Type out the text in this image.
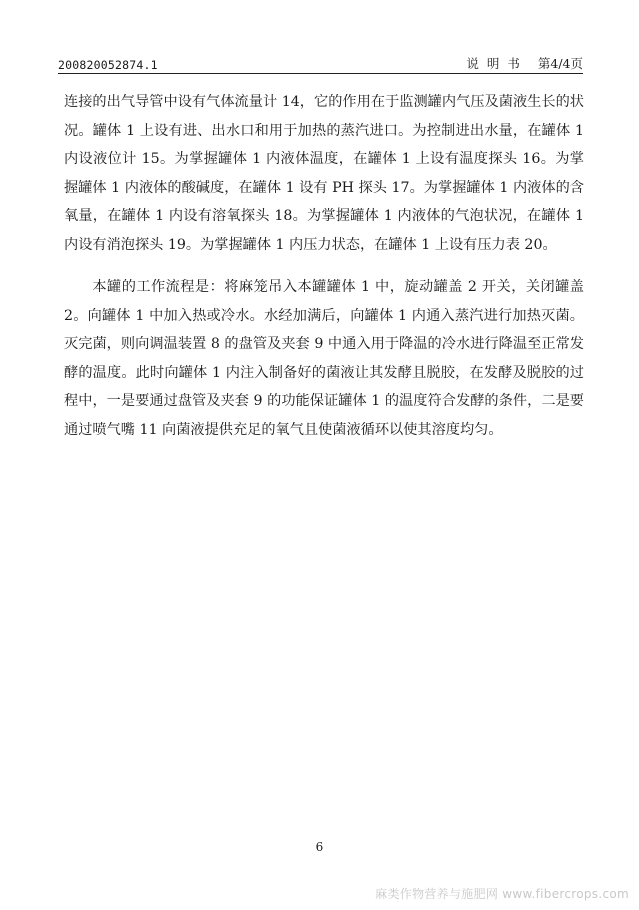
200820052874.1	说明书 第4/4页

连接的出气导管中设有气体流量计 14，它的作用在于监测罐内气压及菌液生长的状况。罐体 1 上设有进、出水口和用于加热的蒸汽进口。为控制进出水量，在罐体 1 内设液位计 15。为掌握罐体 1 内液体温度，在罐体 1 上设有温度探头 16。为掌握罐体 1 内液体的酸碱度，在罐体 1 设有 PH 探头 17。为掌握罐体 1 内液体的含氧量，在罐体 1 内设有溶氧探头 18。为掌握罐体 1 内液体的气泡状况，在罐体 1 内设有消泡探头 19。为掌握罐体 1 内压力状态，在罐体 1 上设有压力表 20。

本罐的工作流程是：将麻笼吊入本罐罐体 1 中，旋动罐盖 2 开关，关闭罐盖 2。向罐体 1 中加入热或冷水。水经加满后，向罐体 1 内通入蒸汽进行加热灭菌。灭完菌，则向调温装置 8 的盘管及夹套 9 中通入用于降温的冷水进行降温至正常发酵的温度。此时向罐体 1 内注入制备好的菌液让其发酵且脱胶，在发酵及脱胶的过程中，一是要通过盘管及夹套 9 的功能保证罐体 1 的温度符合发酵的条件，二是要通过喷气嘴 11 向菌液提供充足的氧气且使菌液循环以使其溶度均匀。

6
麻类作物营养与施肥网 www.fibercrops.com
